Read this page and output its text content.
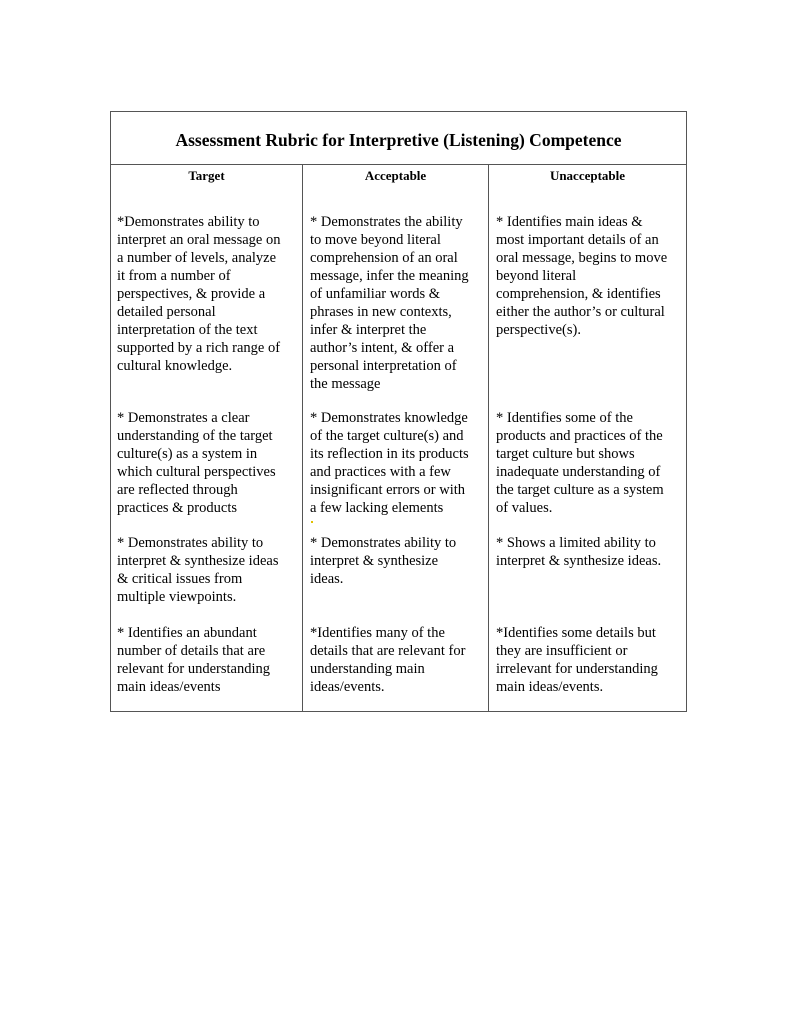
Assessment Rubric for Interpretive (Listening) Competence
Target	Acceptable	Unacceptable
*Demonstrates ability to
interpret an oral message on
a number of levels, analyze
it from a number of
perspectives, & provide a
detailed personal
interpretation of the text
supported by a rich range of
cultural knowledge.
* Demonstrates the ability
to move beyond literal
comprehension of an oral
message, infer the meaning
of unfamiliar words &
phrases in new contexts,
infer & interpret the
author’s intent, & offer a
personal interpretation of
the message
* Identifies main ideas &
most important details of an
oral message, begins to move
beyond literal
comprehension, & identifies
either the author’s or cultural
perspective(s).
* Demonstrates a clear
understanding of the target
culture(s) as a system in
which cultural perspectives
are reflected through
practices & products
* Demonstrates knowledge
of the target culture(s) and
its reflection in its products
and practices with a few
insignificant errors or with
a few lacking elements
* Identifies some of the
products and practices of the
target culture but shows
inadequate understanding of
the target culture as a system
of values.
* Demonstrates ability to
interpret & synthesize ideas
& critical issues from
multiple viewpoints.
* Demonstrates ability to
interpret & synthesize
ideas.
* Shows a limited ability to
interpret & synthesize ideas.
* Identifies an abundant
number of details that are
relevant for understanding
main ideas/events
*Identifies many of the
details that are relevant for
understanding main
ideas/events.
*Identifies some details but
they are insufficient or
irrelevant for understanding
main ideas/events.
